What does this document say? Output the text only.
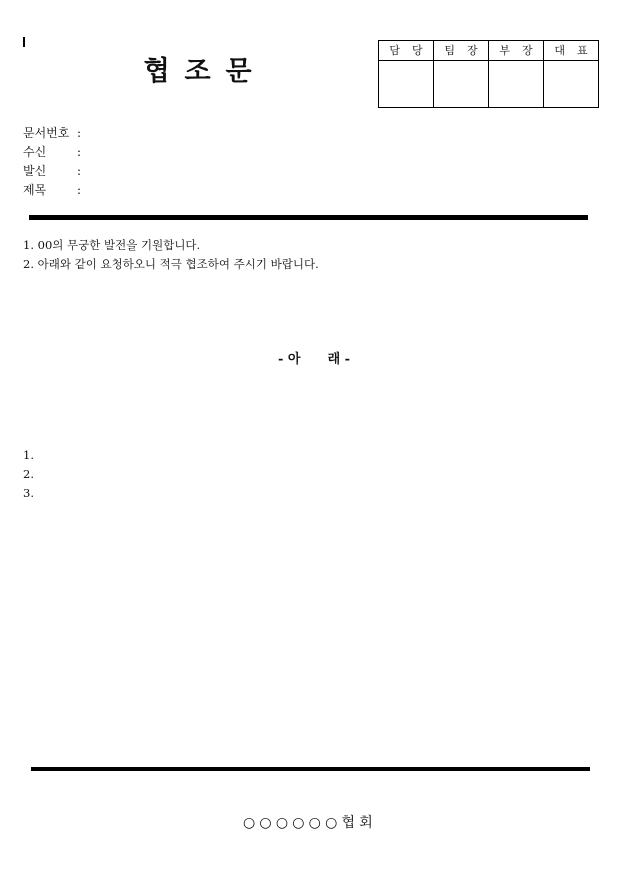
협조문
담당	팀장	부장	대표

문서번호 :
수신	:
발신	:
제목	:
1. 00의 무궁한 발전을 기원합니다.
2. 아래와 같이 요청하오니 적극 협조하여 주시기 바랍니다.
- 아      래 -
1.
2.
3.
○○○○○○협회
